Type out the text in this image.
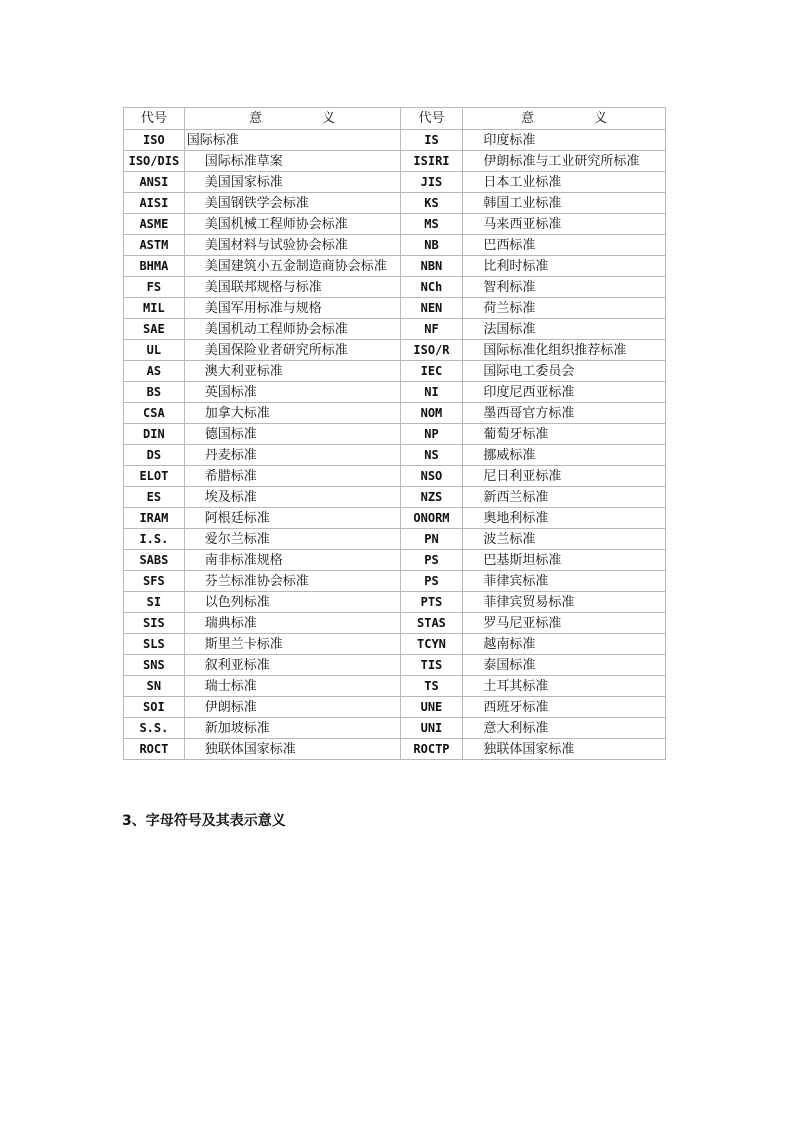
代号	意 义	代号	意 义
ISO	国际标准	IS	印度标准
ISO/DIS	国际标准草案	ISIRI	伊朗标准与工业研究所标准
ANSI	美国国家标准	JIS	日本工业标准
AISI	美国钢铁学会标准	KS	韩国工业标准
ASME	美国机械工程师协会标准	MS	马来西亚标准
ASTM	美国材料与试验协会标准	NB	巴西标准
BHMA	美国建筑小五金制造商协会标准	NBN	比利时标准
FS	美国联邦规格与标准	NCh	智利标准
MIL	美国军用标准与规格	NEN	荷兰标准
SAE	美国机动工程师协会标准	NF	法国标准
UL	美国保险业者研究所标准	ISO/R	国际标准化组织推荐标准
AS	澳大利亚标准	IEC	国际电工委员会
BS	英国标准	NI	印度尼西亚标准
CSA	加拿大标准	NOM	墨西哥官方标准
DIN	德国标准	NP	葡萄牙标准
DS	丹麦标准	NS	挪威标准
ELOT	希腊标准	NSO	尼日利亚标准
ES	埃及标准	NZS	新西兰标准
IRAM	阿根廷标准	ONORM	奥地利标准
I.S.	爱尔兰标准	PN	波兰标准
SABS	南非标准规格	PS	巴基斯坦标准
SFS	芬兰标准协会标准	PS	菲律宾标准
SI	以色列标准	PTS	菲律宾贸易标准
SIS	瑞典标准	STAS	罗马尼亚标准
SLS	斯里兰卡标准	TCYN	越南标准
SNS	叙利亚标准	TIS	泰国标准
SN	瑞士标准	TS	土耳其标准
SOI	伊朗标准	UNE	西班牙标准
S.S.	新加坡标准	UNI	意大利标准
ROCT	独联体国家标准	ROCTP	独联体国家标准
3、字母符号及其表示意义
